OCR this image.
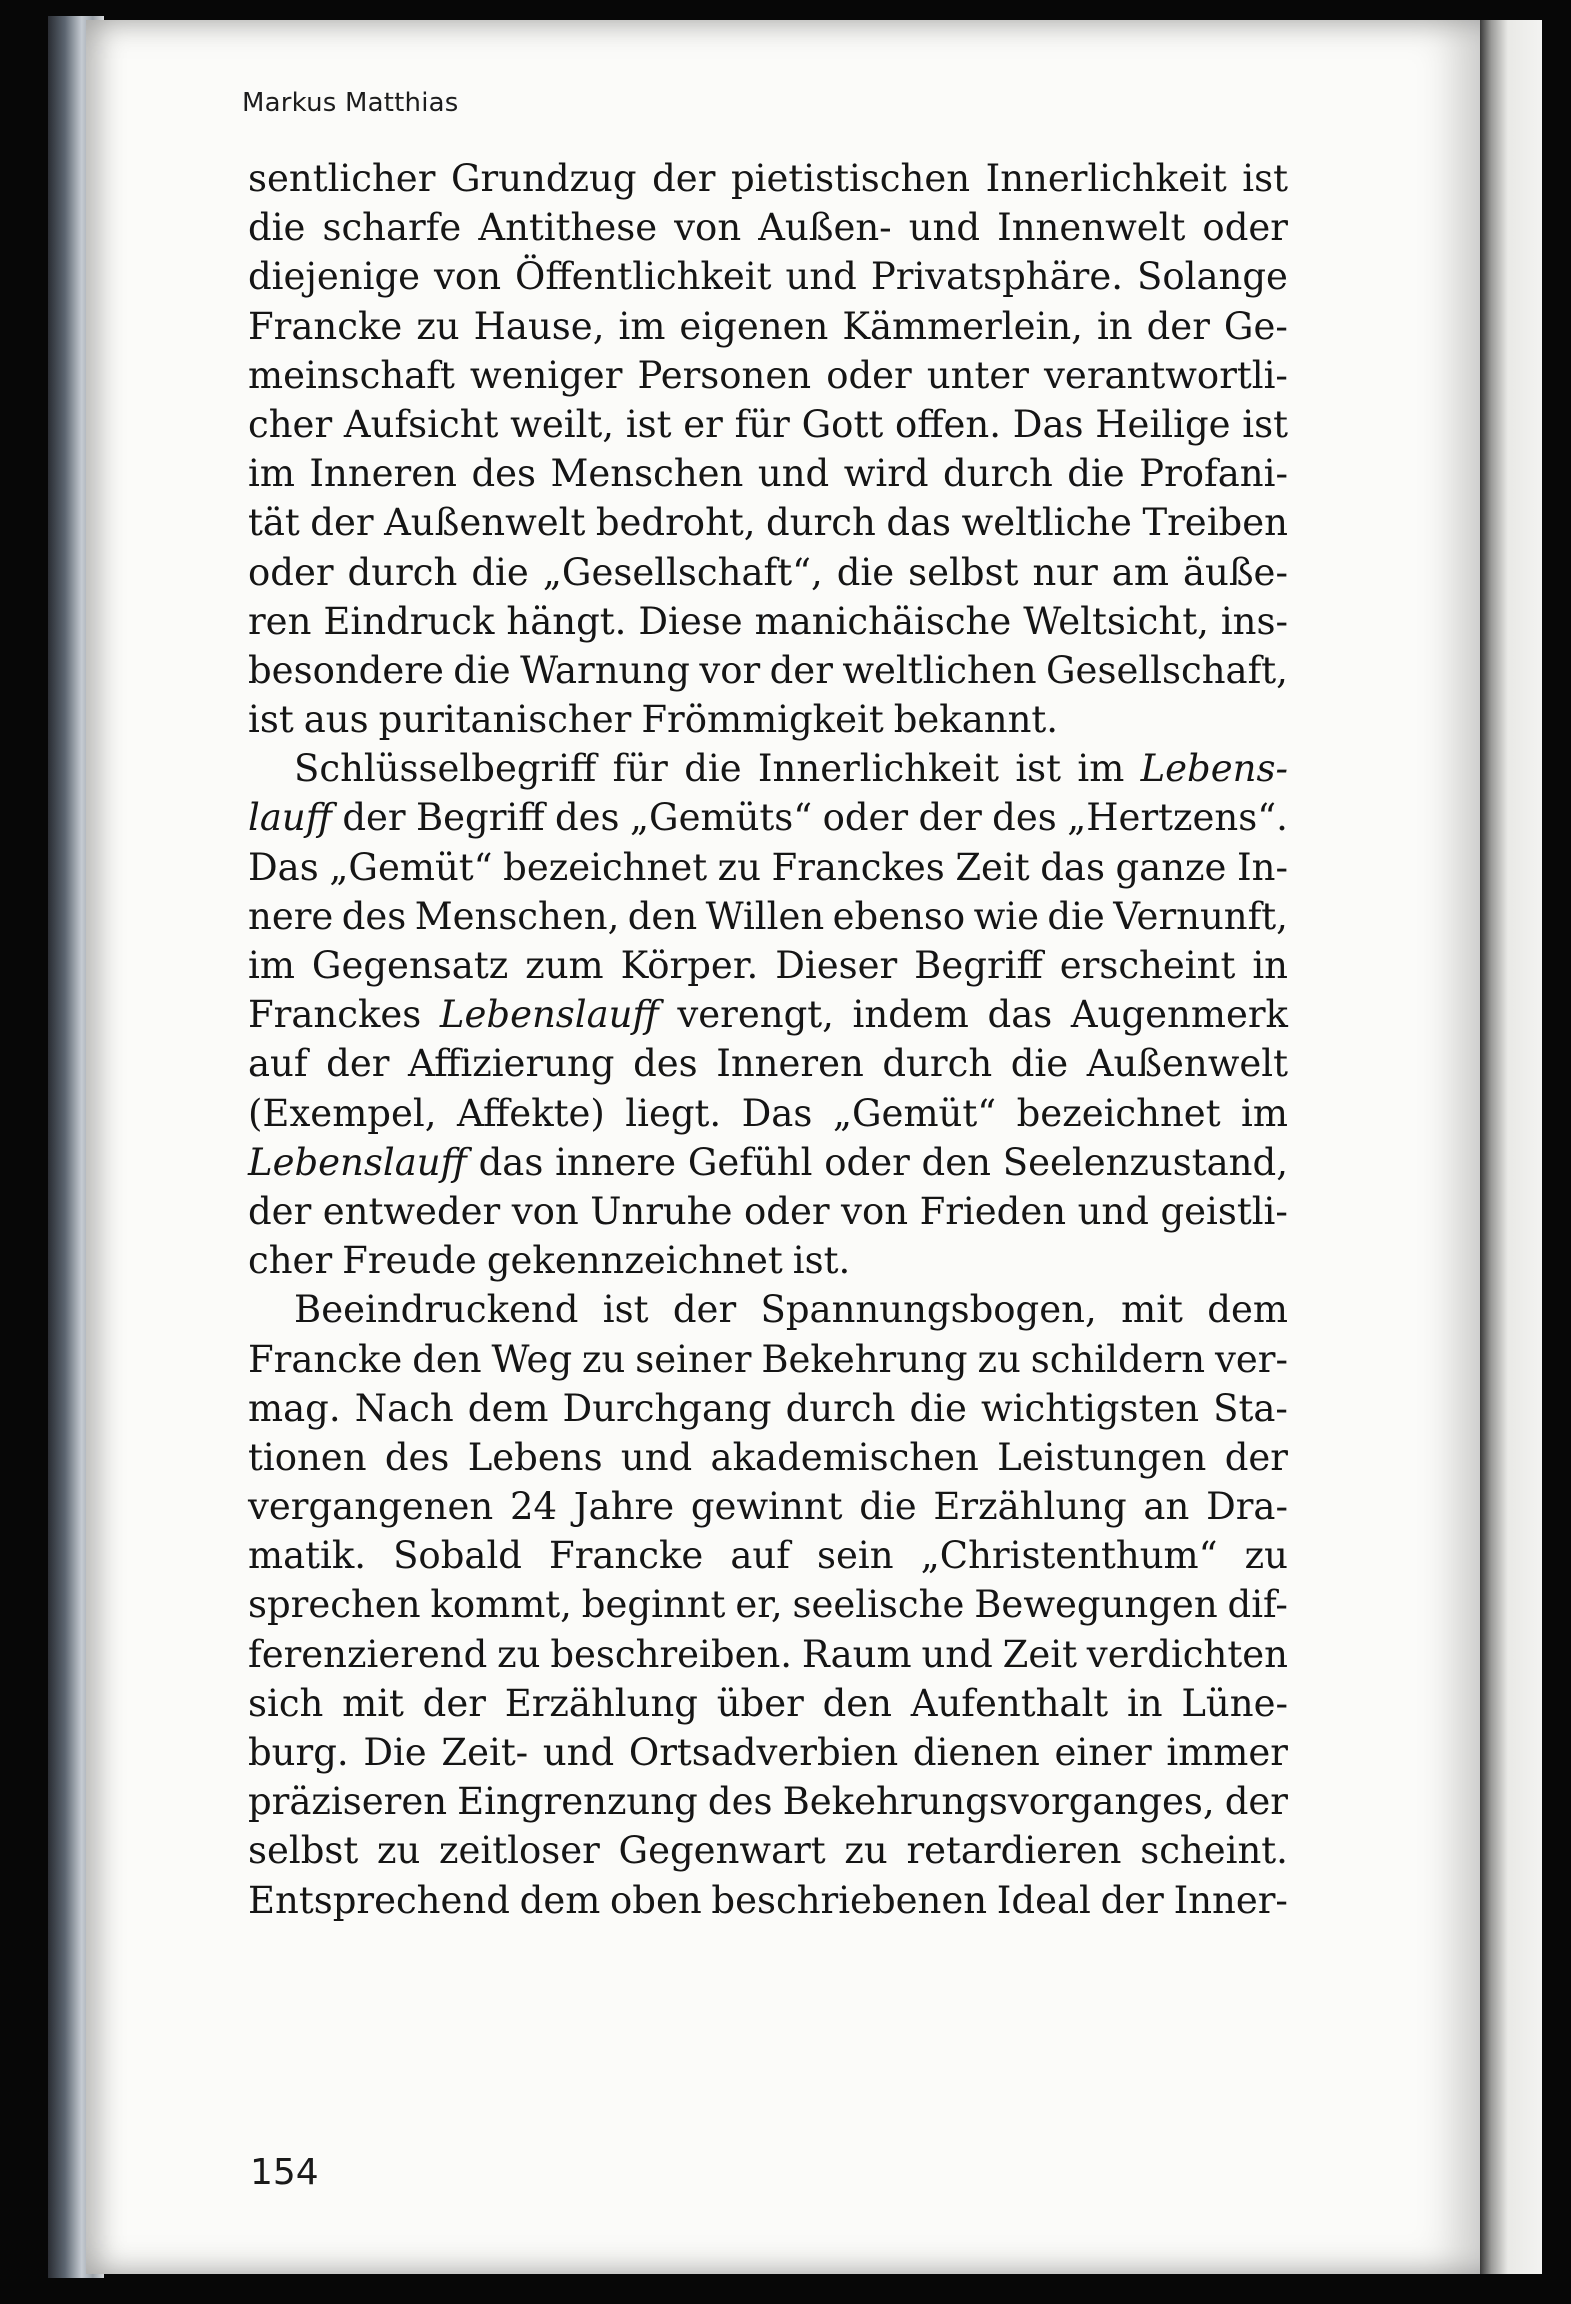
Markus Matthias
sentlicher Grundzug der pietistischen Innerlichkeit ist
die scharfe Antithese von Außen- und Innenwelt oder
diejenige von Öffentlichkeit und Privatsphäre. Solange
Francke zu Hause, im eigenen Kämmerlein, in der Ge-
meinschaft weniger Personen oder unter verantwortli-
cher Aufsicht weilt, ist er für Gott offen. Das Heilige ist
im Inneren des Menschen und wird durch die Profani-
tät der Außenwelt bedroht, durch das weltliche Treiben
oder durch die „Gesellschaft“, die selbst nur am äuße-
ren Eindruck hängt. Diese manichäische Weltsicht, ins-
besondere die Warnung vor der weltlichen Gesellschaft,
ist aus puritanischer Frömmigkeit bekannt.
Schlüsselbegriff für die Innerlichkeit ist im Lebens-
lauff der Begriff des „Gemüts“ oder der des „Hertzens“.
Das „Gemüt“ bezeichnet zu Franckes Zeit das ganze In-
nere des Menschen, den Willen ebenso wie die Vernunft,
im Gegensatz zum Körper. Dieser Begriff erscheint in
Franckes Lebenslauff verengt, indem das Augenmerk
auf der Affizierung des Inneren durch die Außenwelt
(Exempel, Affekte) liegt. Das „Gemüt“ bezeichnet im
Lebenslauff das innere Gefühl oder den Seelenzustand,
der entweder von Unruhe oder von Frieden und geistli-
cher Freude gekennzeichnet ist.
Beeindruckend ist der Spannungsbogen, mit dem
Francke den Weg zu seiner Bekehrung zu schildern ver-
mag. Nach dem Durchgang durch die wichtigsten Sta-
tionen des Lebens und akademischen Leistungen der
vergangenen 24 Jahre gewinnt die Erzählung an Dra-
matik. Sobald Francke auf sein „Christenthum“ zu
sprechen kommt, beginnt er, seelische Bewegungen dif-
ferenzierend zu beschreiben. Raum und Zeit verdichten
sich mit der Erzählung über den Aufenthalt in Lüne-
burg. Die Zeit- und Ortsadverbien dienen einer immer
präziseren Eingrenzung des Bekehrungsvorganges, der
selbst zu zeitloser Gegenwart zu retardieren scheint.
Entsprechend dem oben beschriebenen Ideal der Inner-
154
